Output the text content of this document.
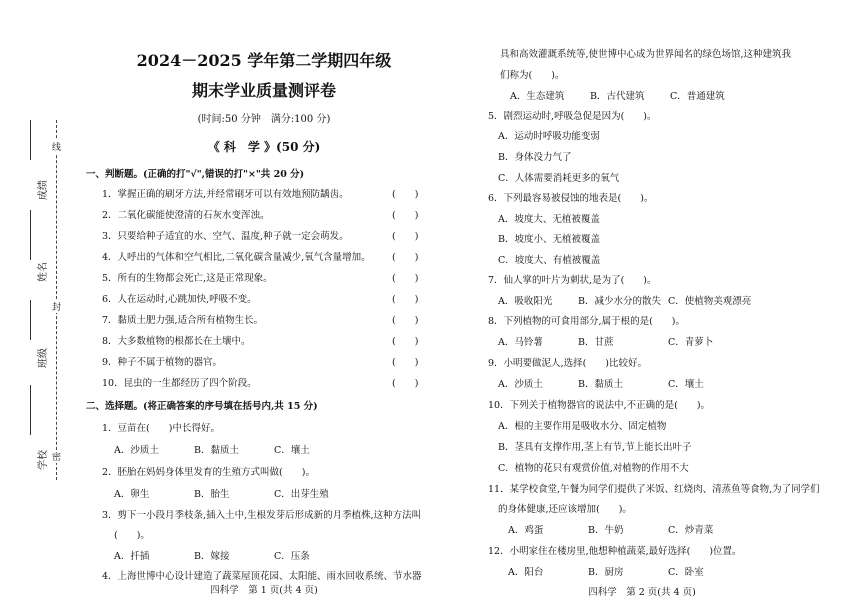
线
封
密
成绩
姓名
班级
学校
2024－2025 学年第二学期四年级
期末学业质量测评卷
(时间:50 分钟　满分:100 分)
《 科　学 》(50 分)
一、判断题。(正确的打"√",错误的打"×"共 20 分)
1．掌握正确的刷牙方法,并经常刷牙可以有效地预防龋齿。	(　　)
2．二氧化碳能使澄清的石灰水变浑浊。	(　　)
3．只要给种子适宜的水、空气、温度,种子就一定会萌发。	(　　)
4．人呼出的气体和空气相比,二氧化碳含量减少,氧气含量增加。 (　　)
5．所有的生物都会死亡,这是正常现象。	(　　)
6．人在运动时,心跳加快,呼吸不变。	(　　)
7．黏质土肥力强,适合所有植物生长。	(　　)
8．大多数植物的根都长在土壤中。	(　　)
9．种子不属于植物的器官。	(　　)
10．昆虫的一生都经历了四个阶段。	(　　)
二、选择题。(将正确答案的序号填在括号内,共 15 分)
1．豆苗在(　　)中长得好。
A．沙质土	B．黏质土	C．壤土
2．胚胎在妈妈身体里发育的生殖方式叫做(　　)。
A．卵生	B．胎生	C．出芽生殖
3．剪下一小段月季枝条,插入土中,生根发芽后形成新的月季植株,这种方法叫
(　　)。
A．扦插	B．嫁接	C．压条
4．上海世博中心设计建造了蔬菜屋顶花园、太阳能、雨水回收系统、节水器
四科学　第 1 页(共 4 页)
具和高效灌溉系统等,使世博中心成为世界闻名的绿色场馆,这种建筑我
们称为(　　)。
A．生态建筑	B．古代建筑	C．普通建筑
5．剧烈运动时,呼吸急促是因为(　　)。
A．运动时呼吸功能变弱
B．身体没力气了
C．人体需要消耗更多的氧气
6．下列最容易被侵蚀的地表是(　　)。
A．坡度大、无植被覆盖
B．坡度小、无植被覆盖
C．坡度大、有植被覆盖
7．仙人掌的叶片为刺状,是为了(　　)。
A．吸收阳光	B．减少水分的散失 C．使植物美观漂亮
8．下列植物的可食用部分,属于根的是(　　)。
A．马铃薯	B．甘蔗	C．青萝卜
9．小明要做泥人,选择(　　)比较好。
A．沙质土	B．黏质土	C．壤土
10．下列关于植物器官的说法中,不正确的是(　　)。
A．根的主要作用是吸收水分、固定植物
B．茎具有支撑作用,茎上有节,节上能长出叶子
C．植物的花只有观赏价值,对植物的作用不大
11．某学校食堂,午餐为同学们提供了米饭、红烧肉、清蒸鱼等食物,为了同学们
的身体健康,还应该增加(　　)。
A．鸡蛋	B．牛奶	C．炒青菜
12．小明家住在楼房里,他想种植蔬菜,最好选择(　　)位置。
A．阳台	B．厨房	C．卧室
四科学　第 2 页(共 4 页)
